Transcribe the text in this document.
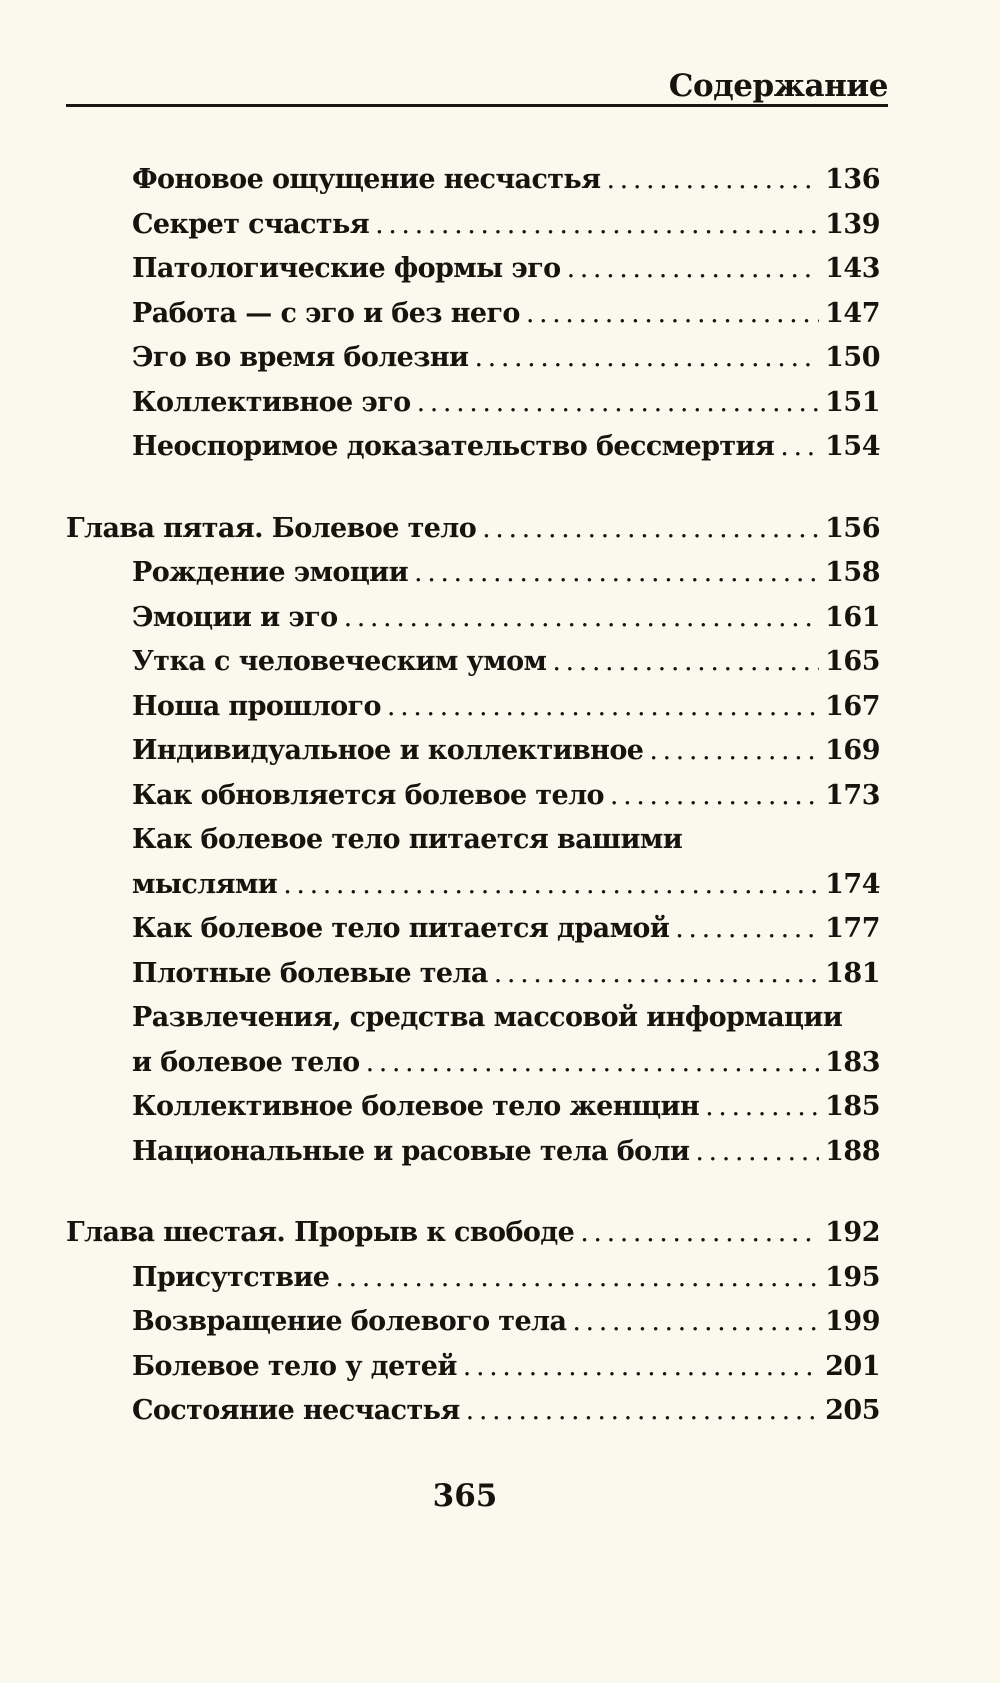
Содержание
Фоновое ощущение несчастья . . .	136
Секрет счастья . . .	139
Патологические формы эго . . .	143
Работа — с эго и без него . . .	147
Эго во время болезни . . .	150
Коллективное эго . . .	151
Неоспоримое доказательство бессмертия . . . 154
Глава пятая. Болевое тело . . .	156
Рождение эмоции . . .	158
Эмоции и эго . . .	161
Утка с человеческим умом . . .	165
Ноша прошлого . . .	167
Индивидуальное и коллективное . . .	169
Как обновляется болевое тело . . .	173
Как болевое тело питается вашими
мыслями . . .	174
Как болевое тело питается драмой . . .	177
Плотные болевые тела . . .	181
Развлечения, средства массовой информации
и болевое тело . . .	183
Коллективное болевое тело женщин . . .	185
Национальные и расовые тела боли . . .	188
Глава шестая. Прорыв к свободе . . .	192
Присутствие . . .	195
Возвращение болевого тела . . .	199
Болевое тело у детей . . .	201
Состояние несчастья . . .	205
365
